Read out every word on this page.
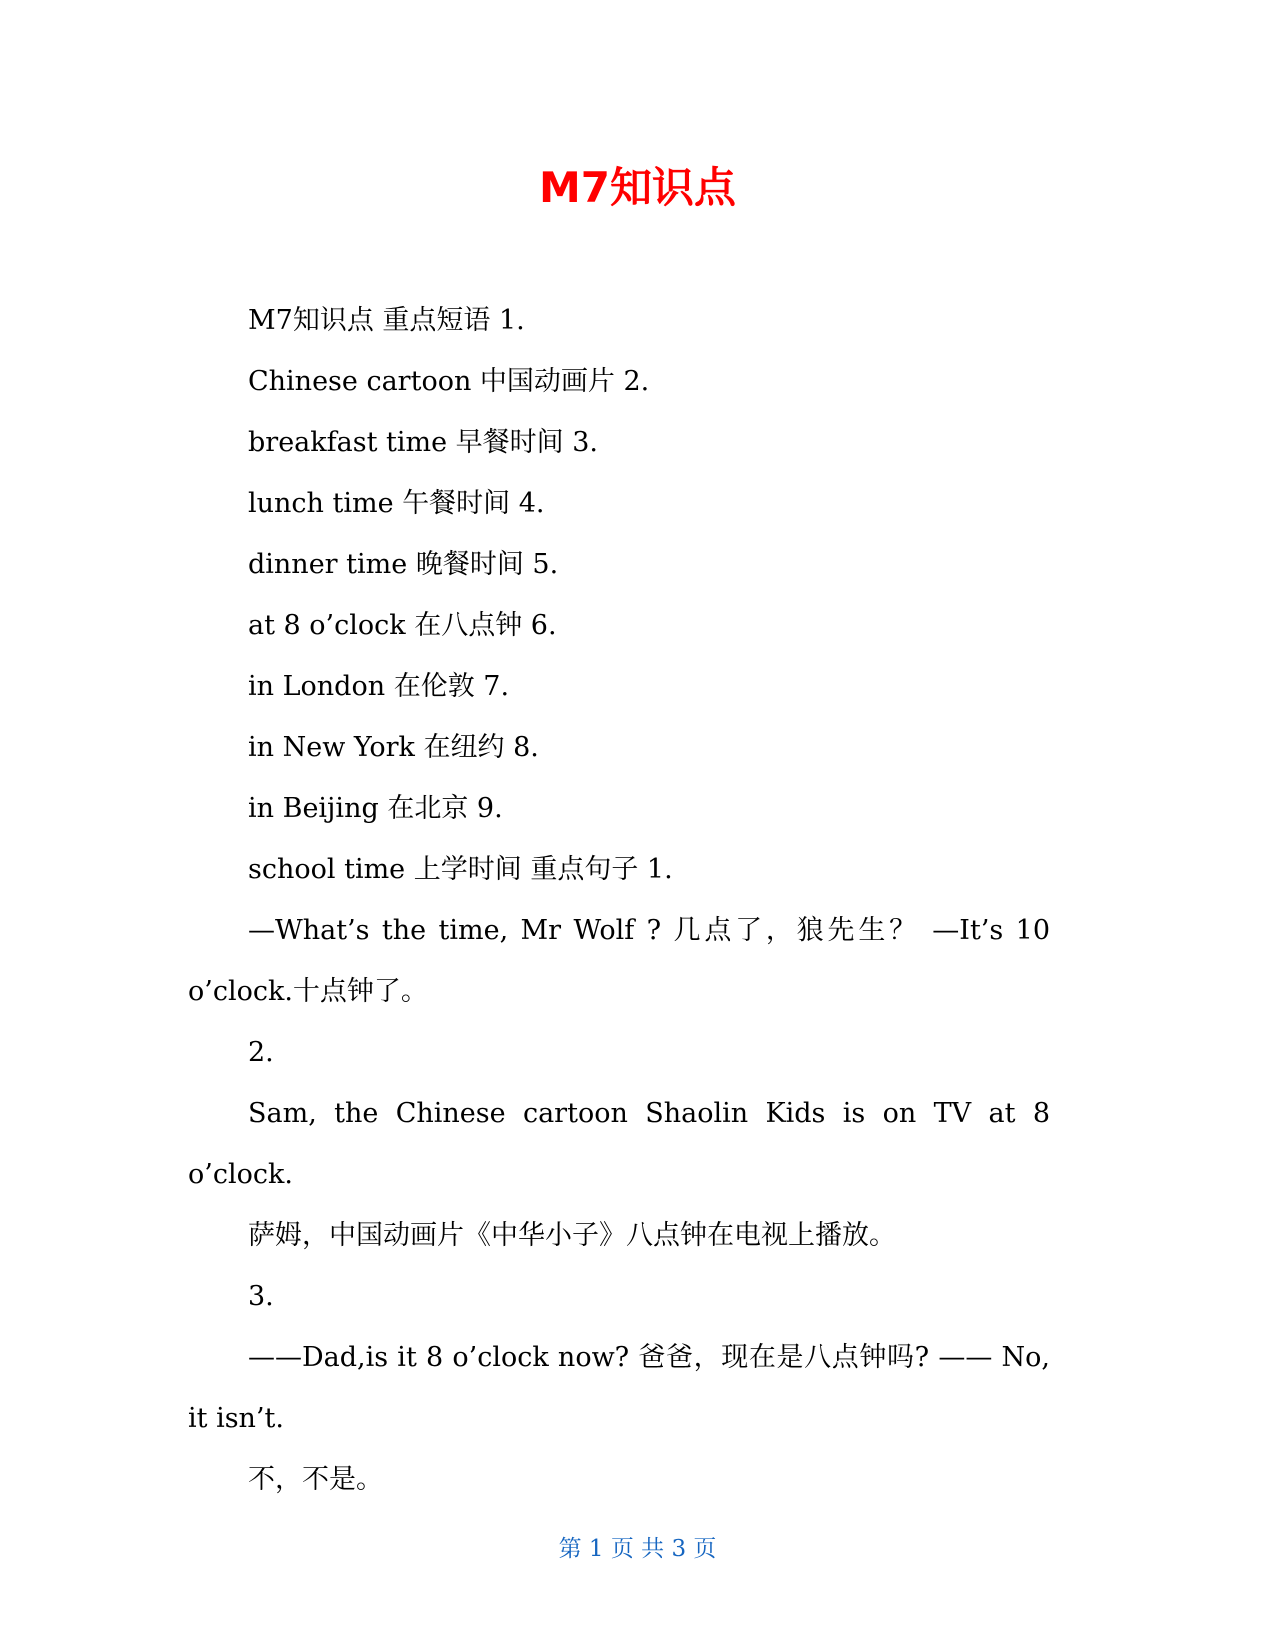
M7知识点

M7知识点 重点短语 1.

Chinese cartoon 中国动画片 2.

breakfast time 早餐时间 3.

lunch time 午餐时间 4.

dinner time 晚餐时间 5.

at 8 o’clock 在八点钟 6.

in London 在伦敦 7.

in New York 在纽约 8.

in Beijing 在北京 9.

school time 上学时间 重点句子 1.

—What’s the time, Mr Wolf ? 几点了，狼先生？ —It’s 10 o’clock.十点钟了。

2.

Sam, the Chinese cartoon Shaolin Kids is on TV at 8 o’clock.

萨姆，中国动画片《中华小子》八点钟在电视上播放。

3.

——Dad,is it 8 o’clock now? 爸爸，现在是八点钟吗? —— No, it isn’t.

不，不是。

第 1 页 共 3 页
